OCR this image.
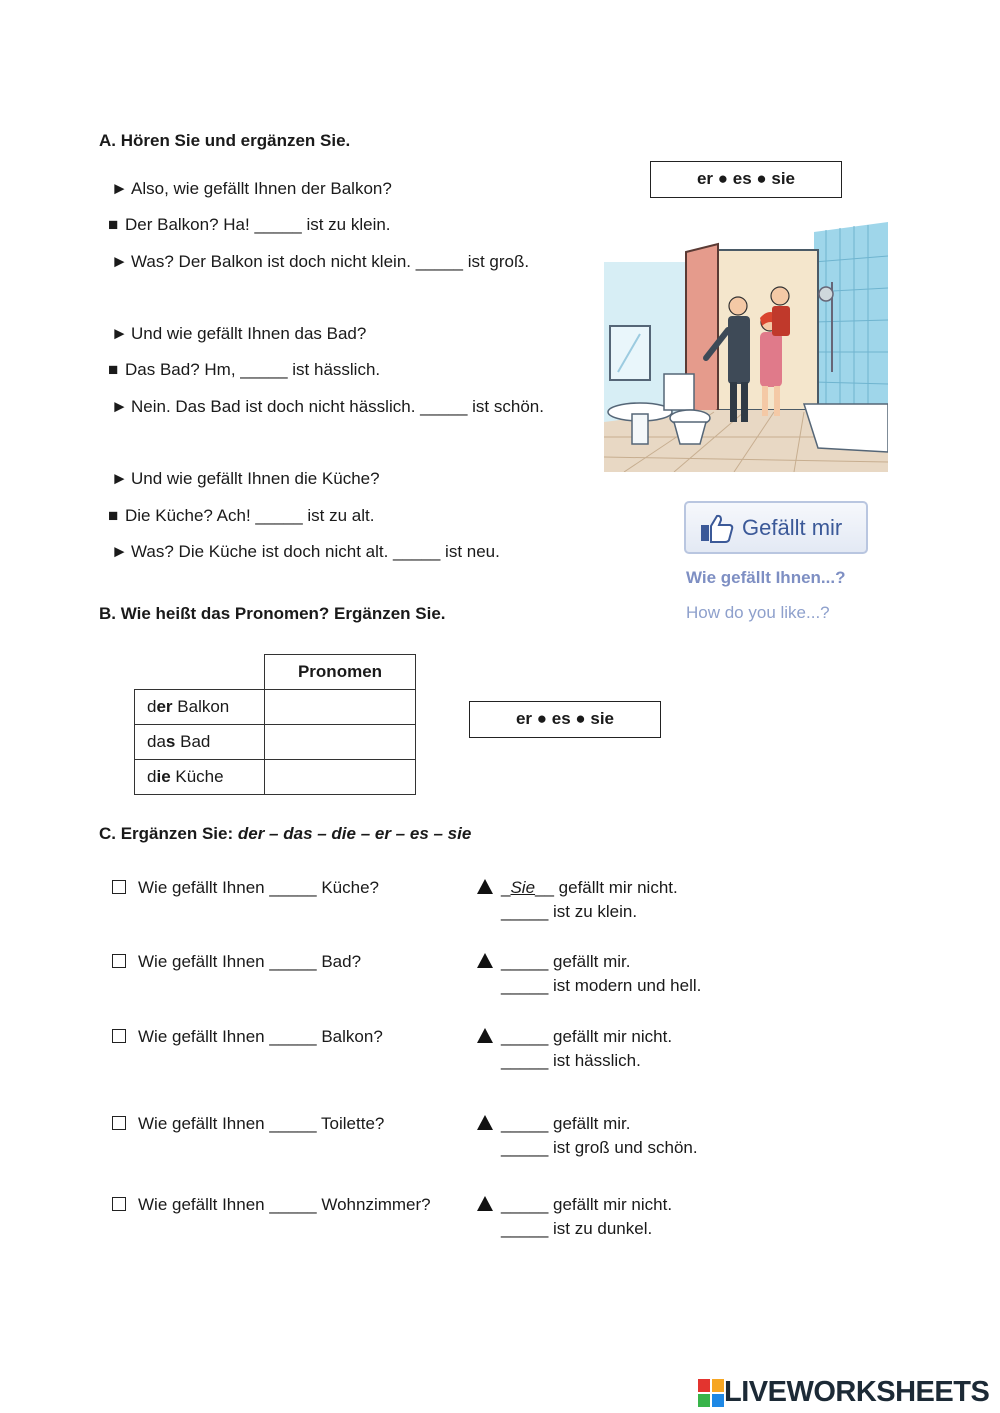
A. Hören Sie und ergänzen Sie.
er ● es ● sie
► Also, wie gefällt Ihnen der Balkon?
■ Der Balkon? Ha! _____ ist zu klein.
► Was? Der Balkon ist doch nicht klein. _____ ist groß.
► Und wie gefällt Ihnen das Bad?
■ Das Bad? Hm, _____ ist hässlich.
► Nein. Das Bad ist doch nicht hässlich. _____ ist schön.
► Und wie gefällt Ihnen die Küche?
■ Die Küche? Ach! _____ ist zu alt.
► Was? Die Küche ist doch nicht alt. _____ ist neu.
Gefällt mir
Wie gefällt Ihnen...?
How do you like...?
B. Wie heißt das Pronomen? Ergänzen Sie.
	Pronomen
der Balkon	
das Bad	
die Küche	
er ● es ● sie
C. Ergänzen Sie: der – das – die – er – es – sie
Wie gefällt Ihnen _____ Küche?	_Sie__ gefällt mir nicht.
_____ ist zu klein.
Wie gefällt Ihnen _____ Bad?	_____ gefällt mir.
_____ ist modern und hell.
Wie gefällt Ihnen _____ Balkon?	_____ gefällt mir nicht.
_____ ist hässlich.
Wie gefällt Ihnen _____ Toilette?	_____ gefällt mir.
_____ ist groß und schön.
Wie gefällt Ihnen _____ Wohnzimmer?	_____ gefällt mir nicht.
_____ ist zu dunkel.
LIVEWORKSHEETS
